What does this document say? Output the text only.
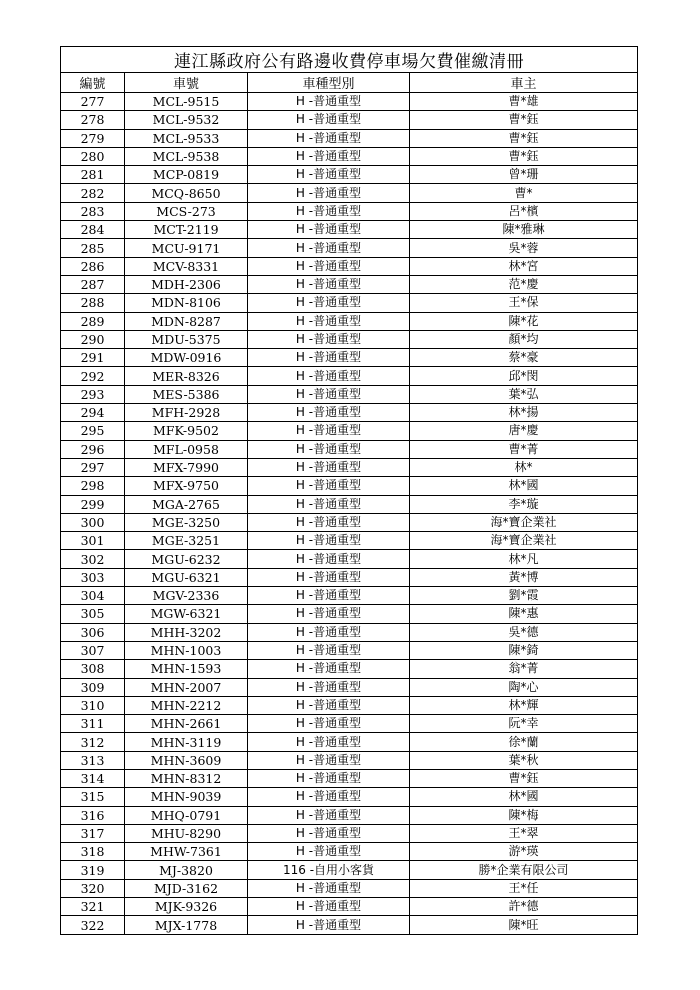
連江縣政府公有路邊收費停車場欠費催繳清冊			
編號	車號	車種型別	車主
277	MCL-9515	H -普通重型	曹*雄
278	MCL-9532	H -普通重型	曹*鈺
279	MCL-9533	H -普通重型	曹*鈺
280	MCL-9538	H -普通重型	曹*鈺
281	MCP-0819	H -普通重型	曾*珊
282	MCQ-8650	H -普通重型	曹*
283	MCS-273	H -普通重型	呂*檳
284	MCT-2119	H -普通重型	陳*雅琳
285	MCU-9171	H -普通重型	吳*蓉
286	MCV-8331	H -普通重型	林*宮
287	MDH-2306	H -普通重型	范*慶
288	MDN-8106	H -普通重型	王*保
289	MDN-8287	H -普通重型	陳*花
290	MDU-5375	H -普通重型	顏*均
291	MDW-0916	H -普通重型	蔡*豪
292	MER-8326	H -普通重型	邱*閔
293	MES-5386	H -普通重型	葉*弘
294	MFH-2928	H -普通重型	林*揚
295	MFK-9502	H -普通重型	唐*慶
296	MFL-0958	H -普通重型	曹*菁
297	MFX-7990	H -普通重型	林*
298	MFX-9750	H -普通重型	林*國
299	MGA-2765	H -普通重型	李*璇
300	MGE-3250	H -普通重型	海*寶企業社
301	MGE-3251	H -普通重型	海*寶企業社
302	MGU-6232	H -普通重型	林*凡
303	MGU-6321	H -普通重型	黃*博
304	MGV-2336	H -普通重型	劉*霞
305	MGW-6321	H -普通重型	陳*惠
306	MHH-3202	H -普通重型	吳*德
307	MHN-1003	H -普通重型	陳*錡
308	MHN-1593	H -普通重型	翁*菁
309	MHN-2007	H -普通重型	陶*心
310	MHN-2212	H -普通重型	林*輝
311	MHN-2661	H -普通重型	阮*幸
312	MHN-3119	H -普通重型	徐*蘭
313	MHN-3609	H -普通重型	葉*秋
314	MHN-8312	H -普通重型	曹*鈺
315	MHN-9039	H -普通重型	林*國
316	MHQ-0791	H -普通重型	陳*梅
317	MHU-8290	H -普通重型	王*翠
318	MHW-7361	H -普通重型	游*瑛
319	MJ-3820	116 -自用小客貨	勝*企業有限公司
320	MJD-3162	H -普通重型	王*任
321	MJK-9326	H -普通重型	許*德
322	MJX-1778	H -普通重型	陳*旺
